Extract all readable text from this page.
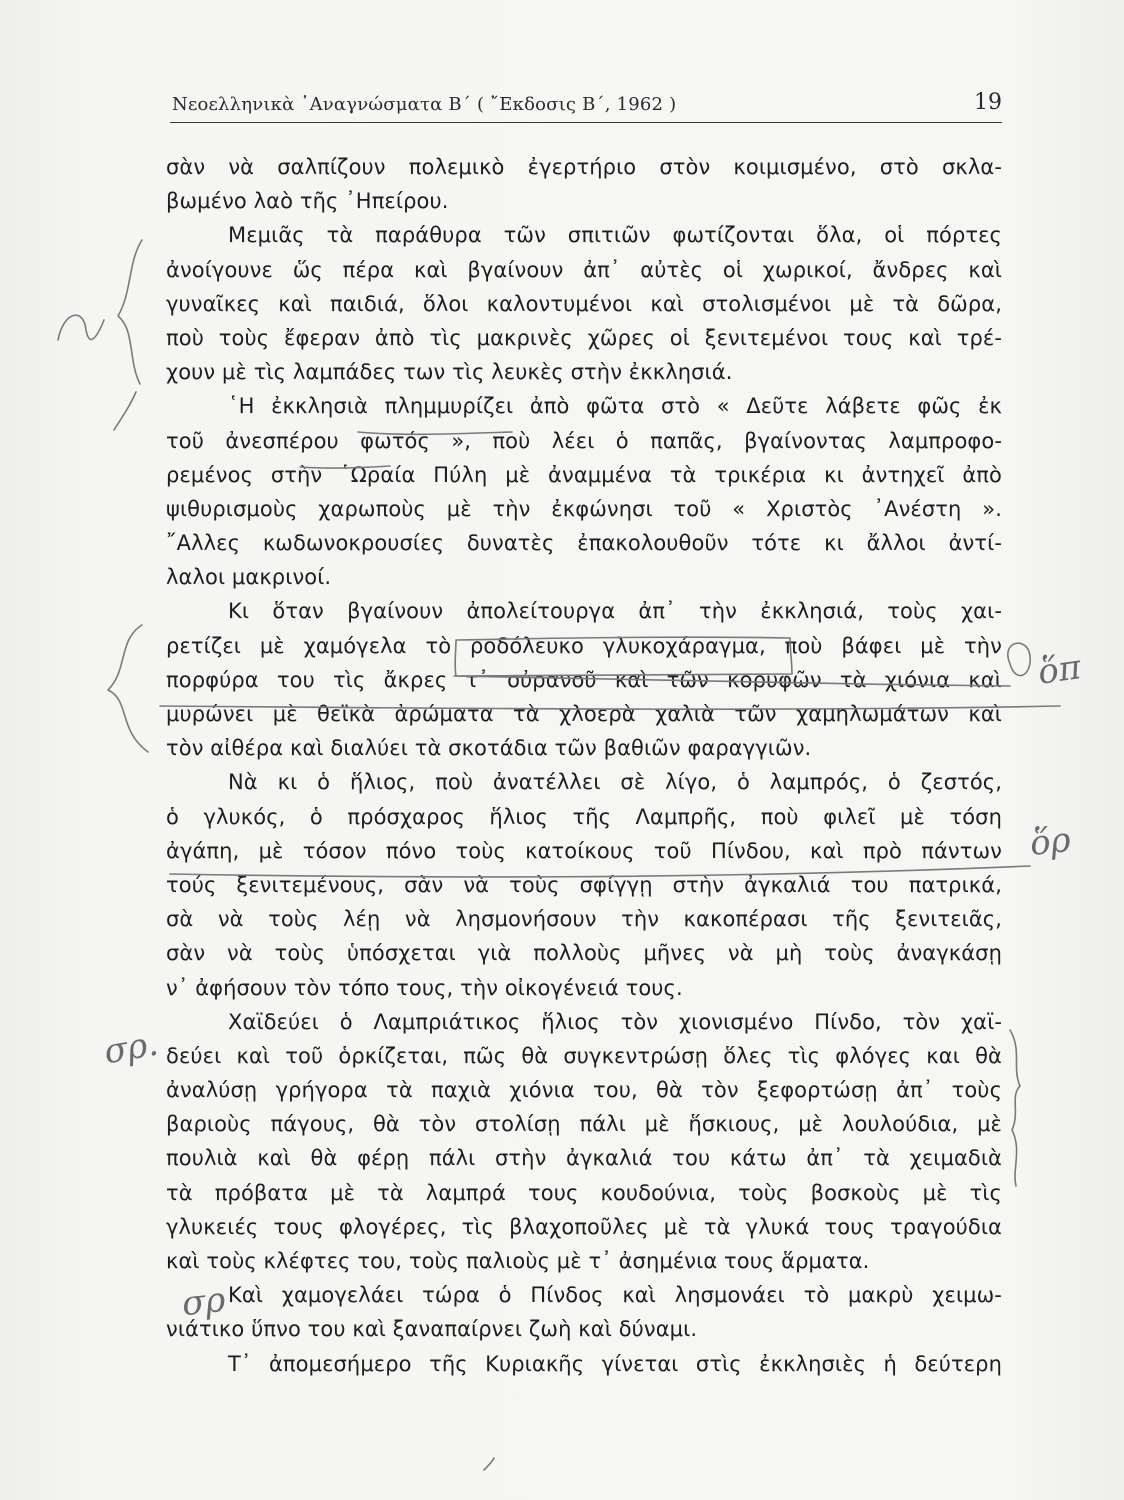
Νεοελληνικὰ ᾿Αναγνώσματα Β΄ ( ῎Εκδοσις Β΄, 1962 )	19
σὰν νὰ σαλπίζουν πολεμικὸ ἐγερτήριο στὸν κοιμισμένο, στὸ σκλα-
βωμένο λαὸ τῆς ᾿Ηπείρου.
Μεμιᾶς τὰ παράθυρα τῶν σπιτιῶν φωτίζονται ὅλα, οἱ πόρτες
ἀνοίγουνε ὥς πέρα καὶ βγαίνουν ἀπ᾿ αὐτὲς οἱ χωρικοί, ἄνδρες καὶ
γυναῖκες καὶ παιδιά, ὅλοι καλοντυμένοι καὶ στολισμένοι μὲ τὰ δῶρα,
ποὺ τοὺς ἔφεραν ἀπὸ τὶς μακρινὲς χῶρες οἱ ξενιτεμένοι τους καὶ τρέ-
χουν μὲ τὶς λαμπάδες των τὶς λευκὲς στὴν ἐκκλησιά.
῾Η ἐκκλησιὰ πλημμυρίζει ἀπὸ φῶτα στὸ « Δεῦτε λάβετε φῶς ἐκ
τοῦ ἀνεσπέρου φωτός », ποὺ λέει ὁ παπᾶς, βγαίνοντας λαμπροφο-
ρεμένος στὴν ῾Ωραία Πύλη μὲ ἀναμμένα τὰ τρικέρια κι ἀντηχεῖ ἀπὸ
ψιθυρισμοὺς χαρωποὺς μὲ τὴν ἐκφώνησι τοῦ « Χριστὸς ᾿Ανέστη ».
῎Αλλες κωδωνοκρουσίες δυνατὲς ἐπακολουθοῦν τότε κι ἄλλοι ἀντί-
λαλοι μακρινοί.
Κι ὅταν βγαίνουν ἀπολείτουργα ἀπ᾿ τὴν ἐκκλησιά, τοὺς χαι-
ρετίζει μὲ χαμόγελα τὸ ροδόλευκο γλυκοχάραγμα, ποὺ βάφει μὲ τὴν
πορφύρα του τὶς ἄκρες τ᾿ οὐρανοῦ καὶ τῶν κορυφῶν τὰ χιόνια καὶ
μυρώνει μὲ θεϊκὰ ἀρώματα τὰ χλοερὰ χαλιὰ τῶν χαμηλωμάτων καὶ
τὸν αἰθέρα καὶ διαλύει τὰ σκοτάδια τῶν βαθιῶν φαραγγιῶν.
Νὰ κι ὁ ἥλιος, ποὺ ἀνατέλλει σὲ λίγο, ὁ λαμπρός, ὁ ζεστός,
ὁ γλυκός, ὁ πρόσχαρος ἥλιος τῆς Λαμπρῆς, ποὺ φιλεῖ μὲ τόση
ἀγάπη, μὲ τόσον πόνο τοὺς κατοίκους τοῦ Πίνδου, καὶ πρὸ πάντων
τούς ξενιτεμένους, σὰν νὰ τοὺς σφίγγῃ στὴν ἀγκαλιά του πατρικά,
σὰ νὰ τοὺς λέῃ νὰ λησμονήσουν τὴν κακοπέρασι τῆς ξενιτειᾶς,
σὰν νὰ τοὺς ὑπόσχεται γιὰ πολλοὺς μῆνες νὰ μὴ τοὺς ἀναγκάσῃ
ν᾿ ἀφήσουν τὸν τόπο τους, τὴν οἰκογένειά τους.
Χαϊδεύει ὁ Λαμπριάτικος ἥλιος τὸν χιονισμένο Πίνδο, τὸν χαϊ-
δεύει καὶ τοῦ ὁρκίζεται, πῶς θὰ συγκεντρώσῃ ὅλες τὶς φλόγες και θὰ
ἀναλύσῃ γρήγορα τὰ παχιὰ χιόνια του, θὰ τὸν ξεφορτώσῃ ἀπ᾿ τοὺς
βαριοὺς πάγους, θὰ τὸν στολίσῃ πάλι μὲ ἥσκιους, μὲ λουλούδια, μὲ
πουλιὰ καὶ θὰ φέρῃ πάλι στὴν ἀγκαλιά του κάτω ἀπ᾿ τὰ χειμαδιὰ
τὰ πρόβατα μὲ τὰ λαμπρά τους κουδούνια, τοὺς βοσκοὺς μὲ τὶς
γλυκειές τους φλογέρες, τὶς βλαχοποῦλες μὲ τὰ γλυκά τους τραγούδια
καὶ τοὺς κλέφτες του, τοὺς παλιοὺς μὲ τ᾿ ἀσημένια τους ἅρματα.
Καὶ χαμογελάει τώρα ὁ Πίνδος καὶ λησμονάει τὸ μακρὺ χειμω-
νιάτικο ὕπνο του καὶ ξαναπαίρνει ζωὴ καὶ δύναμι.
Τ᾿ ἀπομεσήμερο τῆς Κυριακῆς γίνεται στὶς ἐκκλησιὲς ἡ δεύτερη
ὅπ
ὅρ
σρ.
σρ
